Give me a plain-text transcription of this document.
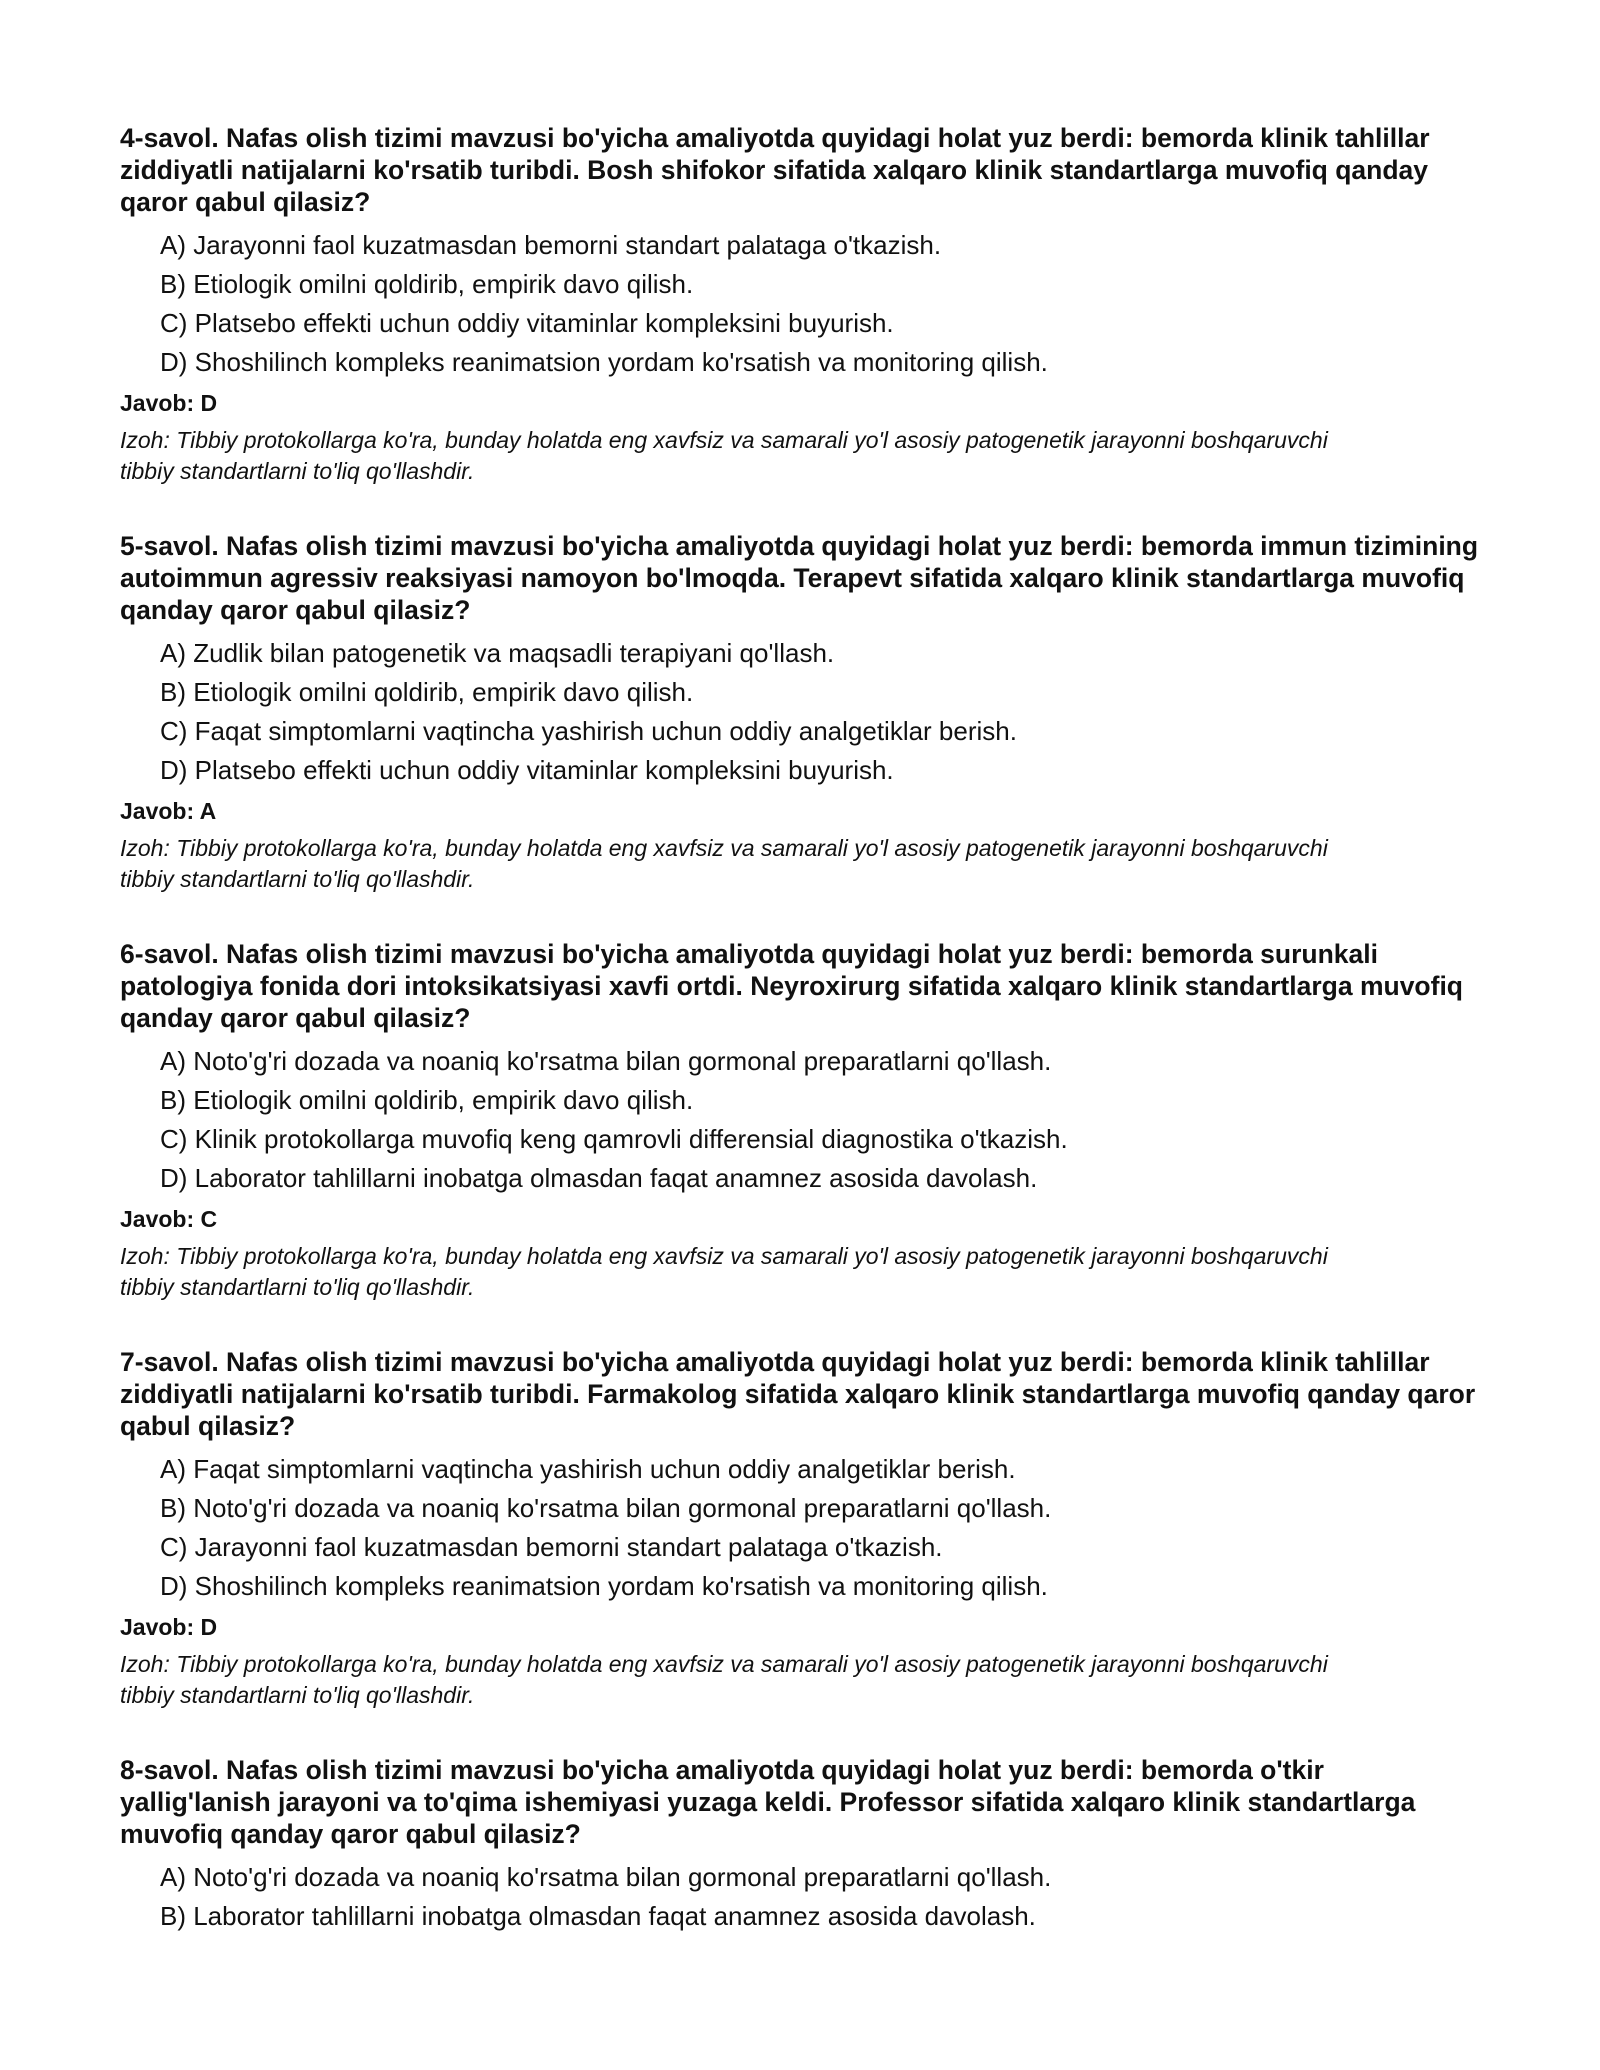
4-savol. Nafas olish tizimi mavzusi bo'yicha amaliyotda quyidagi holat yuz berdi: bemorda klinik tahlillar ziddiyatli natijalarni ko'rsatib turibdi. Bosh shifokor sifatida xalqaro klinik standartlarga muvofiq qanday qaror qabul qilasiz?

A) Jarayonni faol kuzatmasdan bemorni standart palataga o'tkazish.
B) Etiologik omilni qoldirib, empirik davo qilish.
C) Platsebo effekti uchun oddiy vitaminlar kompleksini buyurish.
D) Shoshilinch kompleks reanimatsion yordam ko'rsatish va monitoring qilish.
Javob: D
Izoh: Tibbiy protokollarga ko'ra, bunday holatda eng xavfsiz va samarali yo'l asosiy patogenetik jarayonni boshqaruvchi tibbiy standartlarni to'liq qo'llashdir.

5-savol. Nafas olish tizimi mavzusi bo'yicha amaliyotda quyidagi holat yuz berdi: bemorda immun tizimining autoimmun agressiv reaksiyasi namoyon bo'lmoqda. Terapevt sifatida xalqaro klinik standartlarga muvofiq qanday qaror qabul qilasiz?

A) Zudlik bilan patogenetik va maqsadli terapiyani qo'llash.
B) Etiologik omilni qoldirib, empirik davo qilish.
C) Faqat simptomlarni vaqtincha yashirish uchun oddiy analgetiklar berish.
D) Platsebo effekti uchun oddiy vitaminlar kompleksini buyurish.
Javob: A
Izoh: Tibbiy protokollarga ko'ra, bunday holatda eng xavfsiz va samarali yo'l asosiy patogenetik jarayonni boshqaruvchi tibbiy standartlarni to'liq qo'llashdir.

6-savol. Nafas olish tizimi mavzusi bo'yicha amaliyotda quyidagi holat yuz berdi: bemorda surunkali patologiya fonida dori intoksikatsiyasi xavfi ortdi. Neyroxirurg sifatida xalqaro klinik standartlarga muvofiq qanday qaror qabul qilasiz?

A) Noto'g'ri dozada va noaniq ko'rsatma bilan gormonal preparatlarni qo'llash.
B) Etiologik omilni qoldirib, empirik davo qilish.
C) Klinik protokollarga muvofiq keng qamrovli differensial diagnostika o'tkazish.
D) Laborator tahlillarni inobatga olmasdan faqat anamnez asosida davolash.
Javob: C
Izoh: Tibbiy protokollarga ko'ra, bunday holatda eng xavfsiz va samarali yo'l asosiy patogenetik jarayonni boshqaruvchi tibbiy standartlarni to'liq qo'llashdir.

7-savol. Nafas olish tizimi mavzusi bo'yicha amaliyotda quyidagi holat yuz berdi: bemorda klinik tahlillar ziddiyatli natijalarni ko'rsatib turibdi. Farmakolog sifatida xalqaro klinik standartlarga muvofiq qanday qaror qabul qilasiz?

A) Faqat simptomlarni vaqtincha yashirish uchun oddiy analgetiklar berish.
B) Noto'g'ri dozada va noaniq ko'rsatma bilan gormonal preparatlarni qo'llash.
C) Jarayonni faol kuzatmasdan bemorni standart palataga o'tkazish.
D) Shoshilinch kompleks reanimatsion yordam ko'rsatish va monitoring qilish.
Javob: D
Izoh: Tibbiy protokollarga ko'ra, bunday holatda eng xavfsiz va samarali yo'l asosiy patogenetik jarayonni boshqaruvchi tibbiy standartlarni to'liq qo'llashdir.

8-savol. Nafas olish tizimi mavzusi bo'yicha amaliyotda quyidagi holat yuz berdi: bemorda o'tkir yallig'lanish jarayoni va to'qima ishemiyasi yuzaga keldi. Professor sifatida xalqaro klinik standartlarga muvofiq qanday qaror qabul qilasiz?

A) Noto'g'ri dozada va noaniq ko'rsatma bilan gormonal preparatlarni qo'llash.
B) Laborator tahlillarni inobatga olmasdan faqat anamnez asosida davolash.
